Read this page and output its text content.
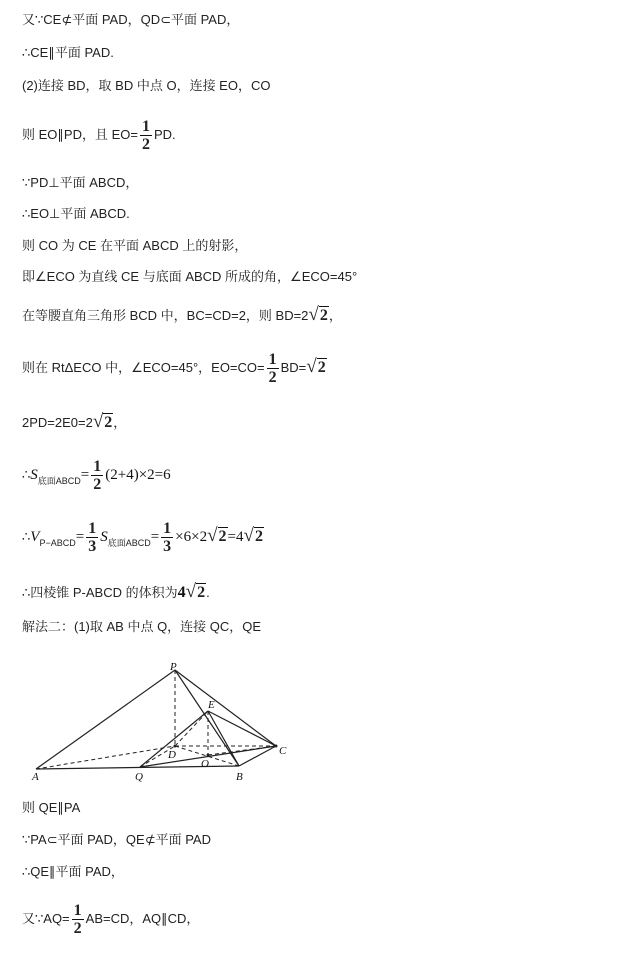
又∵CE⊄平面 PAD，QD⊂平面 PAD，
∴CE∥平面 PAD.
(2)连接 BD，取 BD 中点 O，连接 EO，CO
则 EO∥PD，且 $EO= \frac{1}{2}$ PD.
∵PD⊥平面 ABCD，
∴EO⊥平面 ABCD.
则 CO 为 CE 在平面 ABCD 上的射影，
即∠ECO 为直线 CE 与底面 ABCD 所成的角，∠ECO=45°
在等腰直角三角形 BCD 中，BC=CD=2，则 BD=2√2，
则在 RtΔECO 中，∠ECO=45°，$EO=CO= \frac{1}{2} BD=√2$
2PD=2E0=2√2，
$\therefore S_{底面ABCD}= \frac{1}{2} (2+4)\times 2=6$
$\therefore V_{P-ABCD}= \frac{1}{3} S_{底面ABCD}= \frac{1}{3} \times 6\times 2√2=4√2$
∴四棱锥 P-ABCD 的体积为4√2.
解法二：(1)取 AB 中点 Q，连接 QC，QE
P
E
D
O
A	Q	B
C
则 QE∥PA
∵PA⊂平面 PAD，QE⊄平面 PAD
∴QE∥平面 PAD，
又∵AQ= $\frac{1}{2} AB=CD$，AQ∥CD，
